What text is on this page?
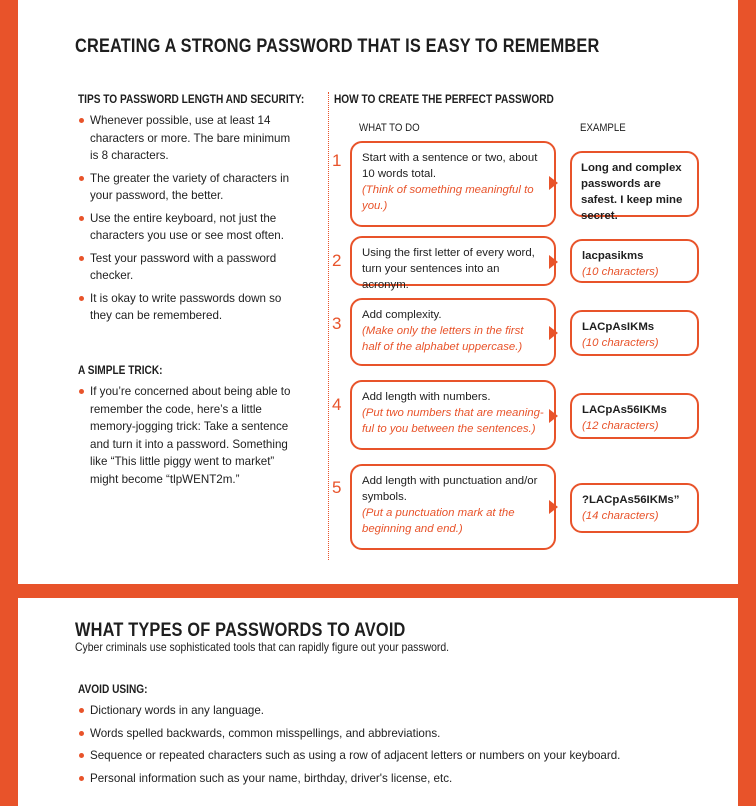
CREATING A STRONG PASSWORD THAT IS EASY TO REMEMBER
TIPS TO PASSWORD LENGTH AND SECURITY:
Whenever possible, use at least 14 characters or more. The bare minimum is 8 characters.
The greater the variety of characters in your password, the better.
Use the entire keyboard, not just the characters you use or see most often.
Test your password with a password checker.
It is okay to write passwords down so they can be remembered.
A SIMPLE TRICK:
If you’re concerned about being able to remember the code, here’s a little memory-jogging trick: Take a sentence and turn it into a password. Something like “This little piggy went to market” might become “tlpWENT2m.”
HOW TO CREATE THE PERFECT PASSWORD
WHAT TO DO	EXAMPLE
1 Start with a sentence or two, about 10 words total.
(Think of something meaningful to you.)
Long and complex passwords are safest. I keep mine secret.
2 Using the first letter of every word, turn your sentences into an acronym.
lacpasikms
(10 characters)
3 Add complexity.
(Make only the letters in the first half of the alphabet uppercase.)
LACpAsIKMs
(10 characters)
4 Add length with numbers.
(Put two numbers that are meaning-ful to you between the sentences.)
LACpAs56IKMs
(12 characters)
5 Add length with punctuation and/or symbols.
(Put a punctuation mark at the beginning and end.)
?LACpAs56IKMs”
(14 characters)
WHAT TYPES OF PASSWORDS TO AVOID
Cyber criminals use sophisticated tools that can rapidly figure out your password.
AVOID USING:
Dictionary words in any language.
Words spelled backwards, common misspellings, and abbreviations.
Sequence or repeated characters such as using a row of adjacent letters or numbers on your keyboard.
Personal information such as your name, birthday, driver's license, etc.
